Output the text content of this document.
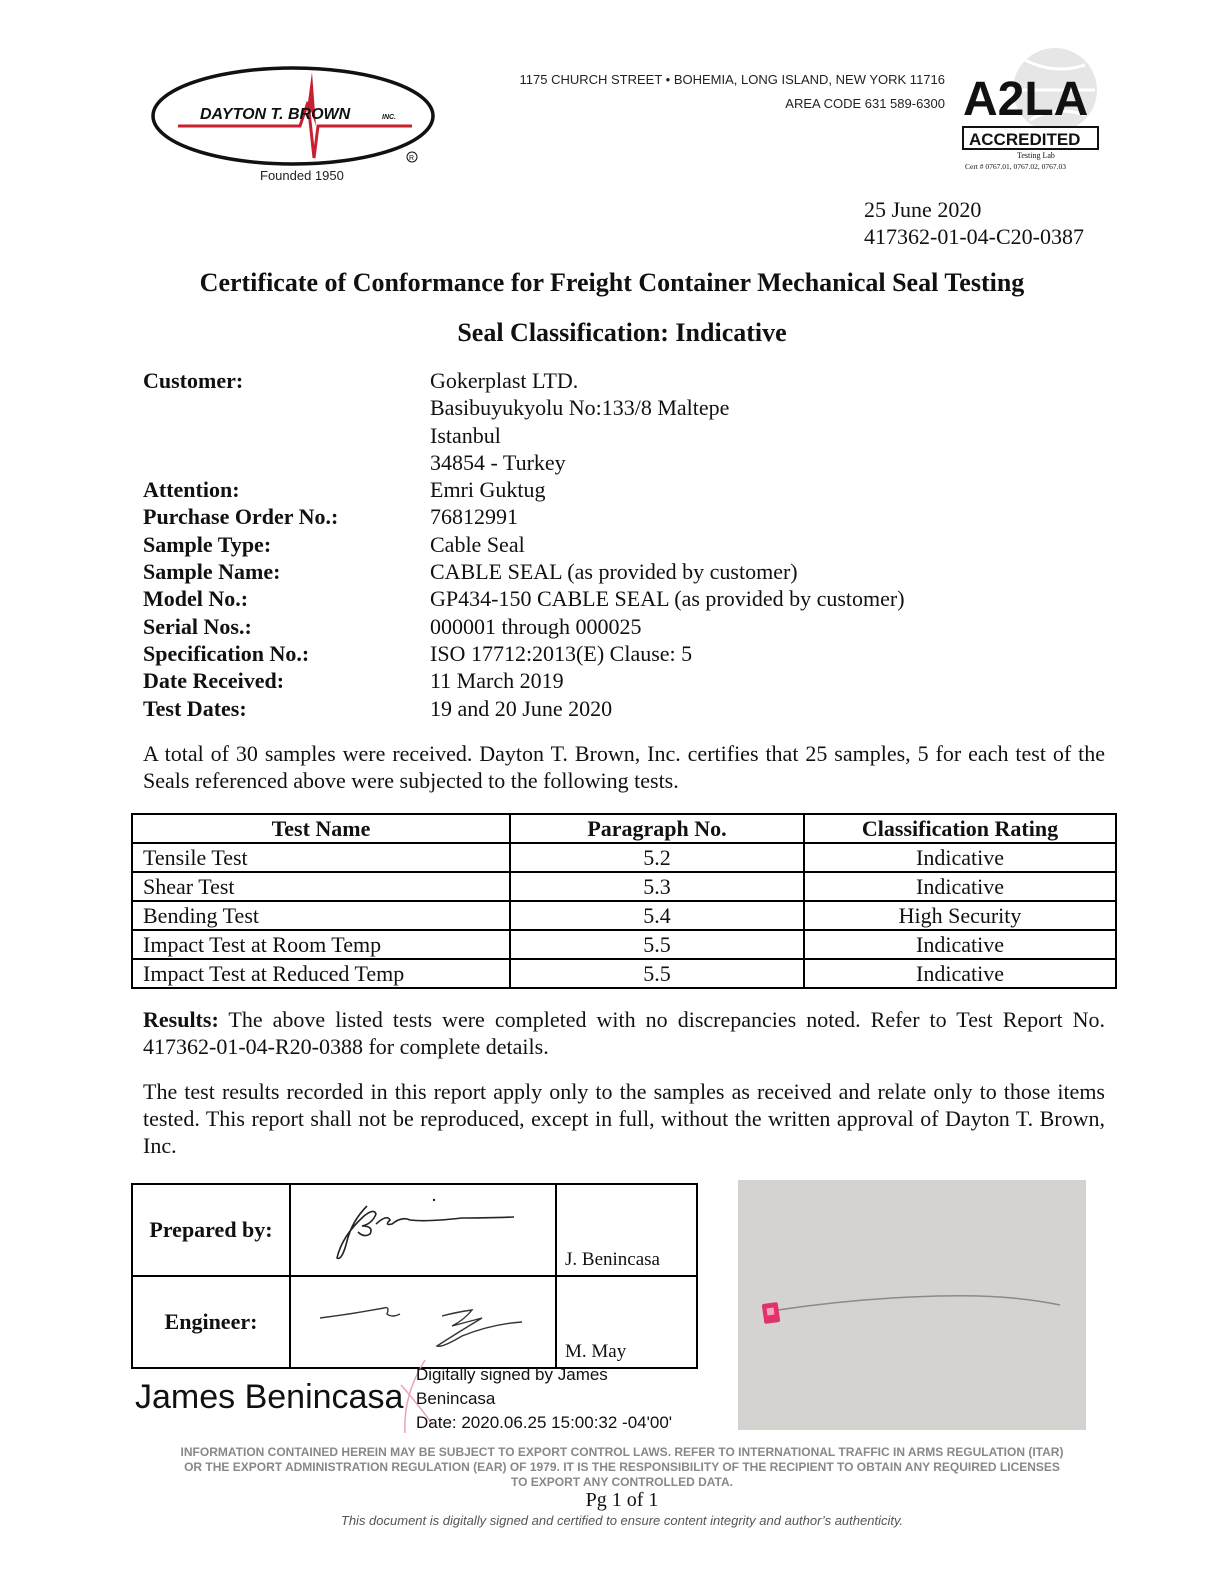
DAYTON T. BROWN	INC.
R
Founded 1950
1175 CHURCH STREET • BOHEMIA, LONG ISLAND, NEW YORK 11716
AREA CODE 631 589-6300 A2LA
ACCREDITED
Testing Lab
Cert # 0767.01, 0767.02, 0767.03
25 June 2020
417362-01-04-C20-0387
Certificate of Conformance for Freight Container Mechanical Seal Testing
Seal Classification: Indicative
Customer:	Gokerplast LTD.
Basibuyukyolu No:133/8 Maltepe
Istanbul
34854 - Turkey
Attention:	Emri Guktug
Purchase Order No.:	76812991
Sample Type:	Cable Seal
Sample Name:	CABLE SEAL (as provided by customer)
Model No.:	GP434-150 CABLE SEAL (as provided by customer)
Serial Nos.:	000001 through 000025
Specification No.:	ISO 17712:2013(E) Clause: 5
Date Received:	11 March 2019
Test Dates:	19 and 20 June 2020
A total of 30 samples were received. Dayton T. Brown, Inc. certifies that 25 samples, 5 for each test of the Seals referenced above were subjected to the following tests.
Test Name	Paragraph No.	Classification Rating
Tensile Test	5.2	Indicative
Shear Test	5.3	Indicative
Bending Test	5.4	High Security
Impact Test at Room Temp	5.5	Indicative
Impact Test at Reduced Temp	5.5	Indicative
Results: The above listed tests were completed with no discrepancies noted. Refer to Test Report No. 417362-01-04-R20-0388 for complete details.
The test results recorded in this report apply only to the samples as received and relate only to those items tested. This report shall not be reproduced, except in full, without the written approval of Dayton T. Brown, Inc.
Prepared by:		J. Benincasa
Engineer:		M. May
James Benincasa
Digitally signed by James
Benincasa
Date: 2020.06.25 15:00:32 -04'00'
INFORMATION CONTAINED HEREIN MAY BE SUBJECT TO EXPORT CONTROL LAWS. REFER TO INTERNATIONAL TRAFFIC IN ARMS REGULATION (ITAR)
OR THE EXPORT ADMINISTRATION REGULATION (EAR) OF 1979. IT IS THE RESPONSIBILITY OF THE RECIPIENT TO OBTAIN ANY REQUIRED LICENSES
TO EXPORT ANY CONTROLLED DATA.
Pg 1 of 1
This document is digitally signed and certified to ensure content integrity and author’s authenticity.
